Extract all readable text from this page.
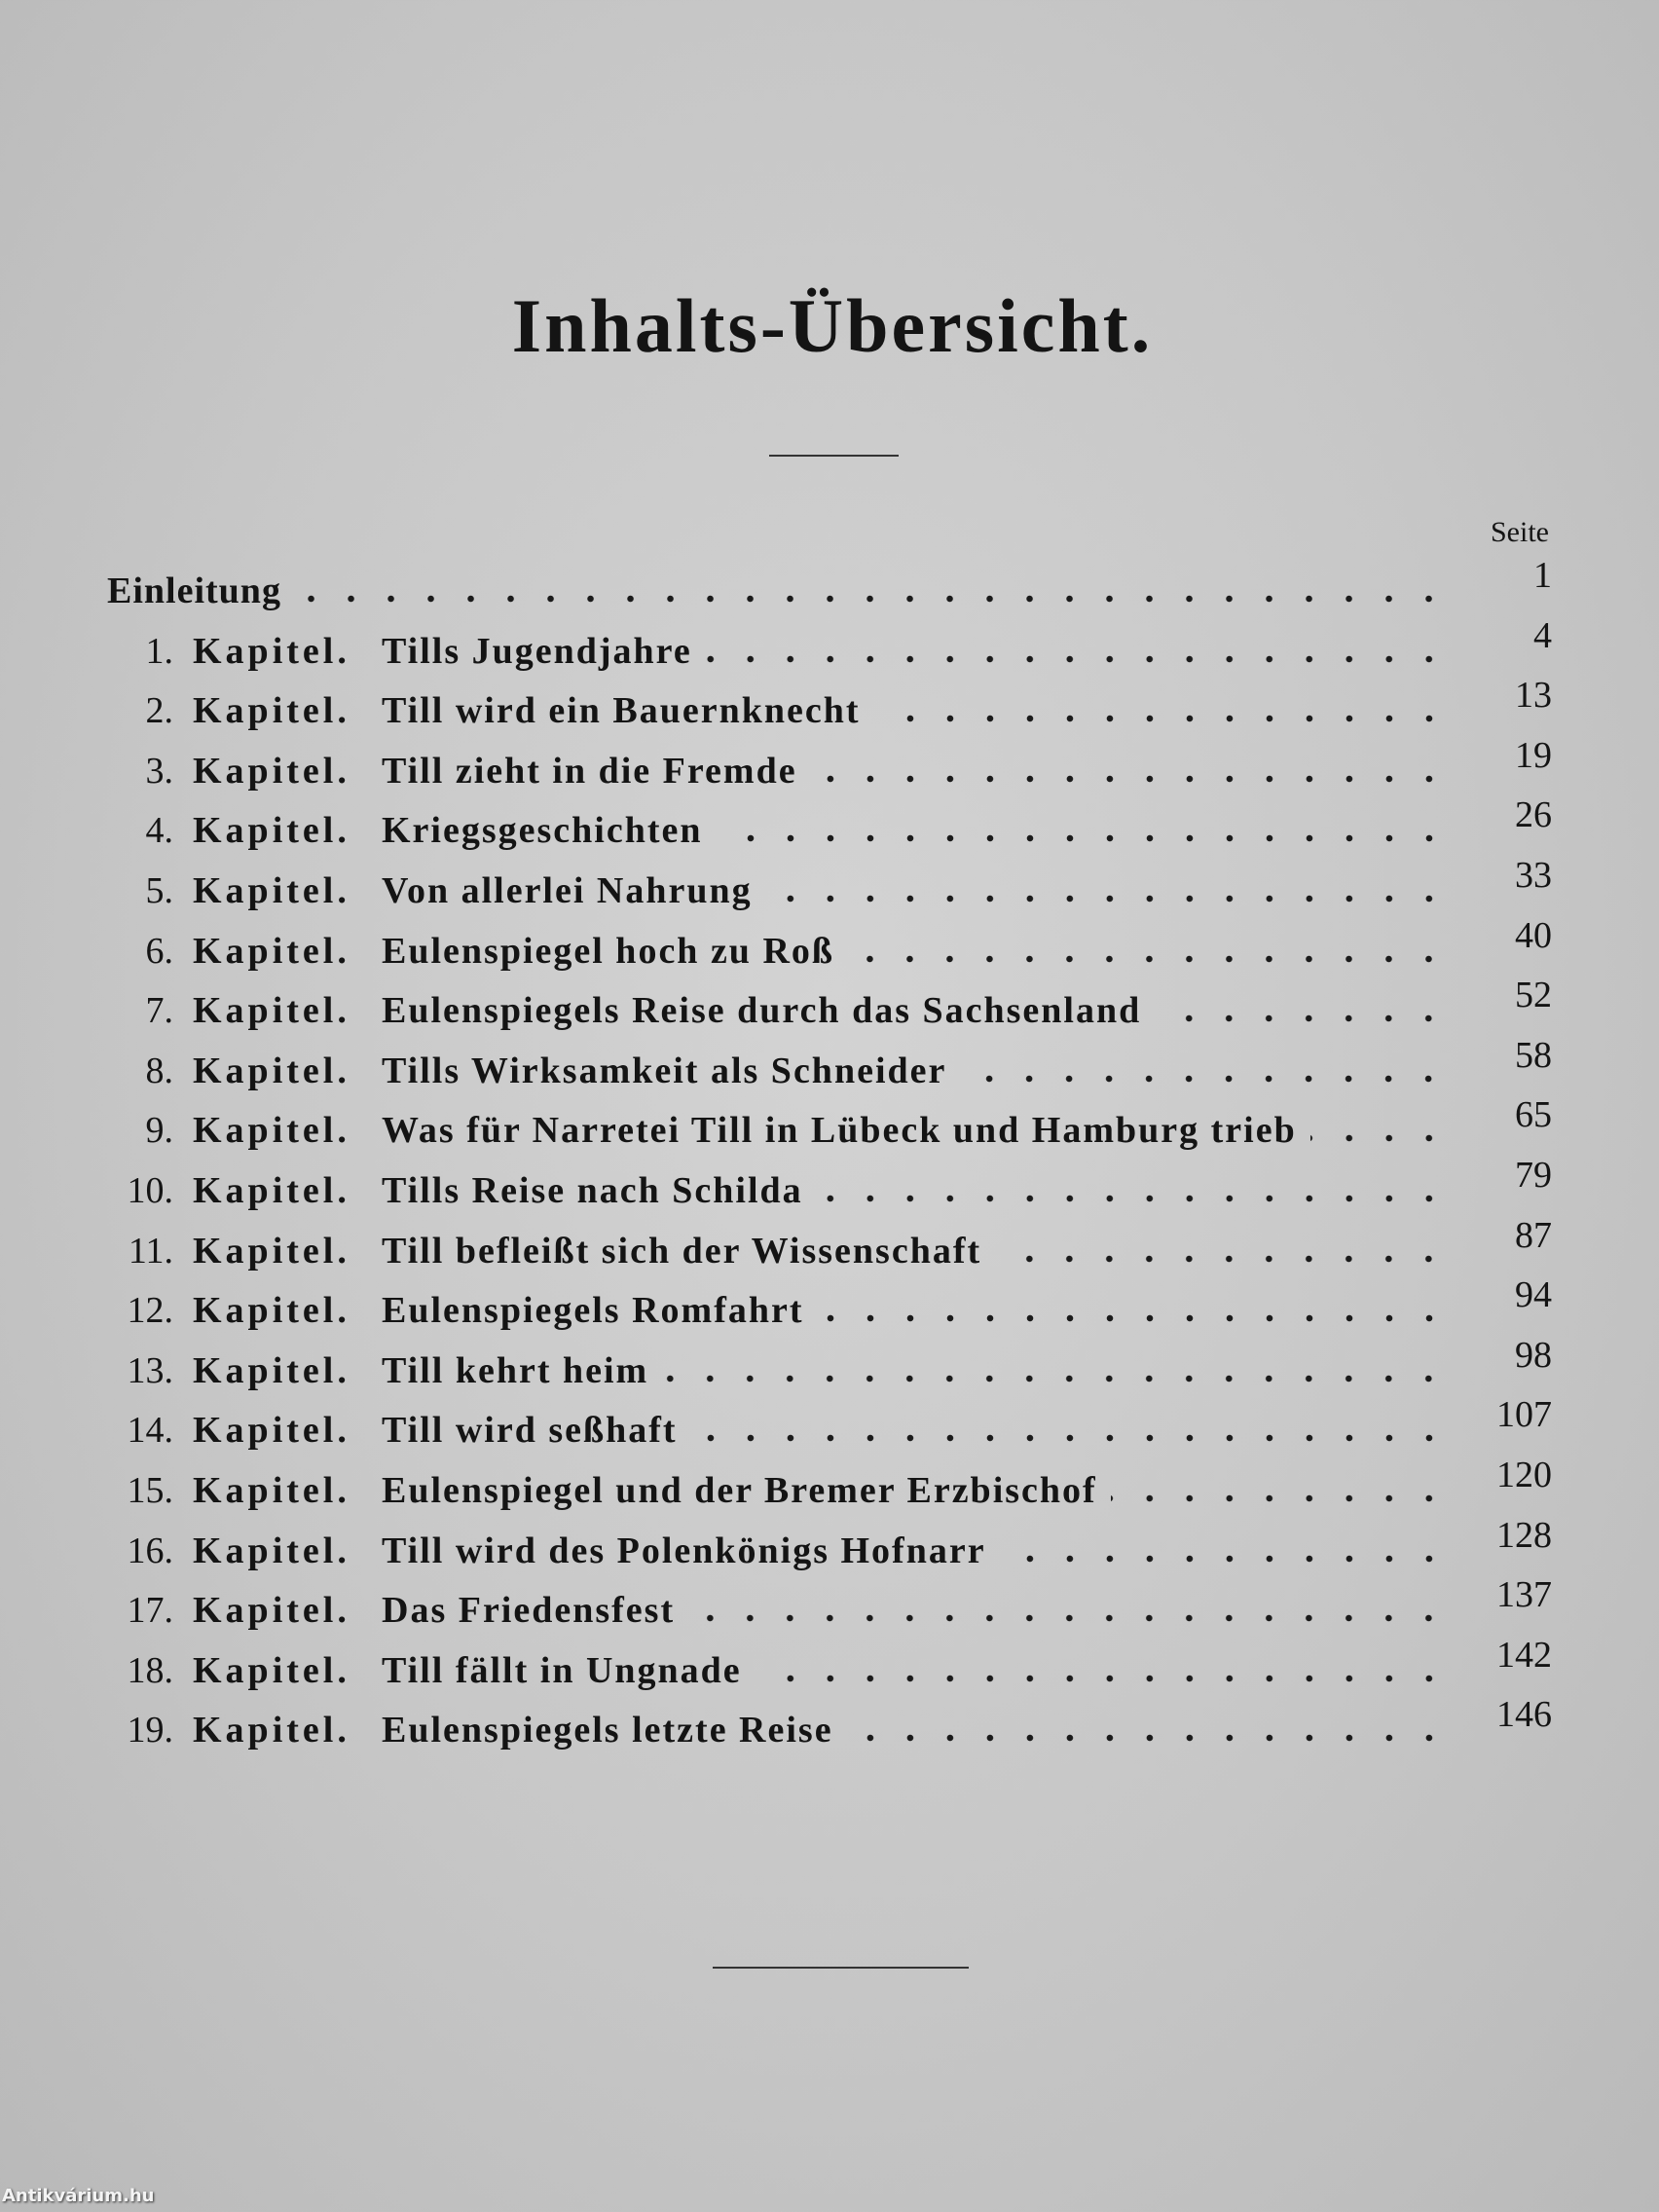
Inhalts-Übersicht.
Seite
Einleitung	1
1. Kapitel. Tills Jugendjahre	4
2. Kapitel. Till wird ein Bauernknecht	13
3. Kapitel. Till zieht in die Fremde	19
4. Kapitel. Kriegsgeschichten	26
5. Kapitel. Von allerlei Nahrung	33
6. Kapitel. Eulenspiegel hoch zu Roß	40
7. Kapitel. Eulenspiegels Reise durch das Sachsenland	52
8. Kapitel. Tills Wirksamkeit als Schneider	58
9. Kapitel. Was für Narretei Till in Lübeck und Hamburg trieb	65
10. Kapitel. Tills Reise nach Schilda	79
11. Kapitel. Till befleißt sich der Wissenschaft	87
12. Kapitel. Eulenspiegels Romfahrt	94
13. Kapitel. Till kehrt heim	98
14. Kapitel. Till wird seßhaft	107
15. Kapitel. Eulenspiegel und der Bremer Erzbischof	120
16. Kapitel. Till wird des Polenkönigs Hofnarr	128
17. Kapitel. Das Friedensfest	137
18. Kapitel. Till fällt in Ungnade	142
19. Kapitel. Eulenspiegels letzte Reise	146
Antikvárium.hu
